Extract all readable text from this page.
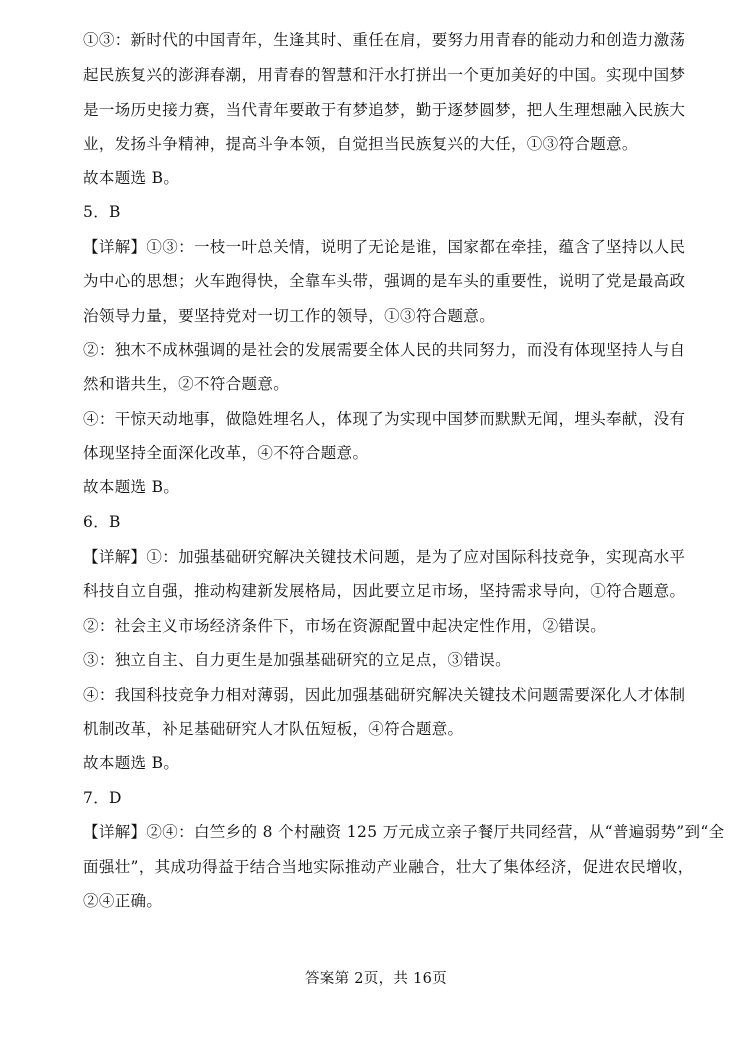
①③：新时代的中国青年，生逢其时、重任在肩，要努力用青春的能动力和创造力激荡
起民族复兴的澎湃春潮，用青春的智慧和汗水打拼出一个更加美好的中国。实现中国梦
是一场历史接力赛，当代青年要敢于有梦追梦，勤于逐梦圆梦，把人生理想融入民族大
业，发扬斗争精神，提高斗争本领，自觉担当民族复兴的大任，①③符合题意。
故本题选 B。
5．B
【详解】①③：一枝一叶总关情，说明了无论是谁，国家都在牵挂，蕴含了坚持以人民
为中心的思想；火车跑得快，全靠车头带，强调的是车头的重要性，说明了党是最高政
治领导力量，要坚持党对一切工作的领导，①③符合题意。
②：独木不成林强调的是社会的发展需要全体人民的共同努力，而没有体现坚持人与自
然和谐共生，②不符合题意。
④：干惊天动地事，做隐姓埋名人，体现了为实现中国梦而默默无闻，埋头奉献，没有
体现坚持全面深化改革，④不符合题意。
故本题选 B。
6．B
【详解】①：加强基础研究解决关键技术问题，是为了应对国际科技竞争，实现高水平
科技自立自强，推动构建新发展格局，因此要立足市场，坚持需求导向，①符合题意。
②：社会主义市场经济条件下，市场在资源配置中起决定性作用，②错误。
③：独立自主、自力更生是加强基础研究的立足点，③错误。
④：我国科技竞争力相对薄弱，因此加强基础研究解决关键技术问题需要深化人才体制
机制改革，补足基础研究人才队伍短板，④符合题意。
故本题选 B。
7．D
【详解】②④：白竺乡的 8 个村融资 125 万元成立亲子餐厅共同经营，从“普遍弱势”到“全
面强壮”，其成功得益于结合当地实际推动产业融合，壮大了集体经济，促进农民增收，
②④正确。
答案第 2页，共 16页
